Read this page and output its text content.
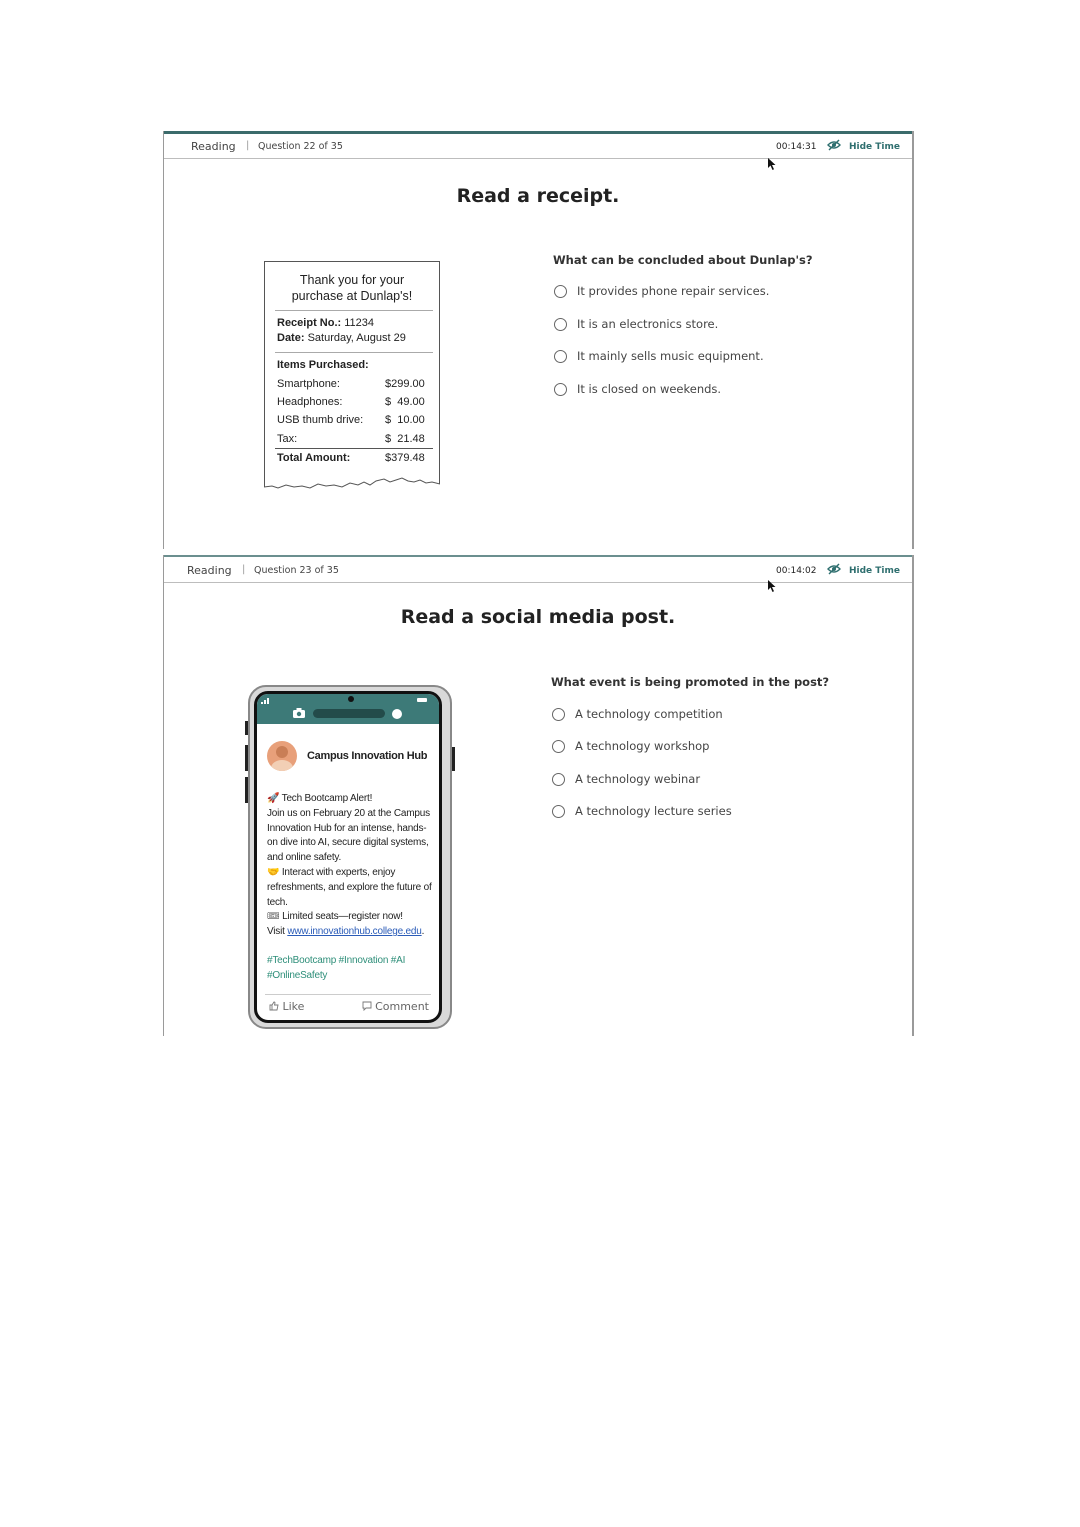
Reading | Question 22 of 35	00:14:31	Hide Time
Read a receipt.
Thank you for your
purchase at Dunlap's!
Receipt No.: 11234
Date: Saturday, August 29
Items Purchased:
Smartphone:	$299.00
Headphones:	$  49.00
USB thumb drive: $  10.00
Tax:	$  21.48
Total Amount:	$379.48
What can be concluded about Dunlap's?
It provides phone repair services.
It is an electronics store.
It mainly sells music equipment.
It is closed on weekends.
Reading | Question 23 of 35	00:14:02	Hide Time
Read a social media post.
Campus Innovation Hub
🚀 Tech Bootcamp Alert!
Join us on February 20 at the Campus Innovation Hub for an intense, hands-on dive into AI, secure digital systems, and online safety.
🤝 Interact with experts, enjoy refreshments, and explore the future of tech.
🎟 Limited seats—register now!
Visit www.innovationhub.college.edu.
#TechBootcamp #Innovation #AI #OnlineSafety
Like	Comment
What event is being promoted in the post?
A technology competition
A technology workshop
A technology webinar
A technology lecture series
